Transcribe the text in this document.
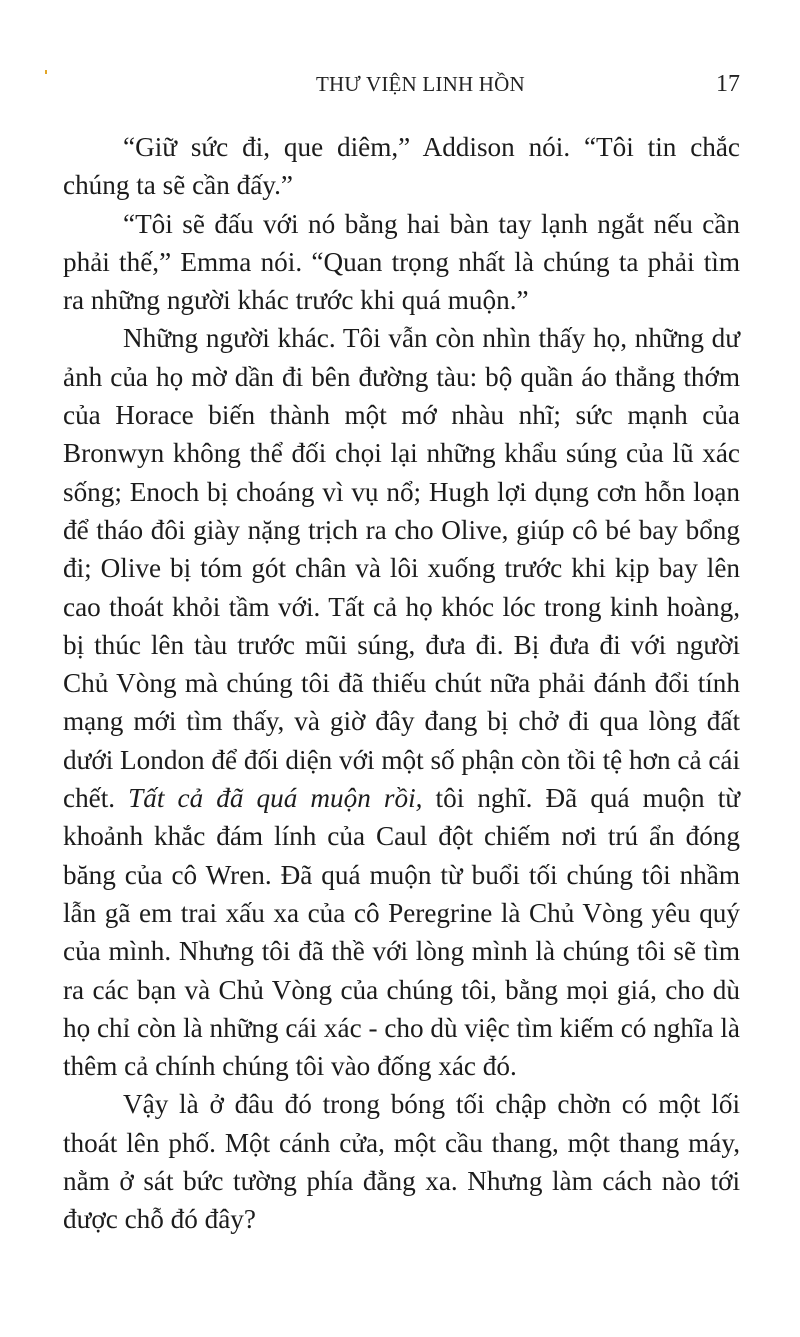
THƯ VIỆN LINH HỒN	17

“Giữ sức đi, que diêm,” Addison nói. “Tôi tin chắc chúng ta sẽ cần đấy.”

“Tôi sẽ đấu với nó bằng hai bàn tay lạnh ngắt nếu cần phải thế,” Emma nói. “Quan trọng nhất là chúng ta phải tìm ra những người khác trước khi quá muộn.”

Những người khác. Tôi vẫn còn nhìn thấy họ, những dư ảnh của họ mờ dần đi bên đường tàu: bộ quần áo thẳng thớm của Horace biến thành một mớ nhàu nhĩ; sức mạnh của Bronwyn không thể đối chọi lại những khẩu súng của lũ xác sống; Enoch bị choáng vì vụ nổ; Hugh lợi dụng cơn hỗn loạn để tháo đôi giày nặng trịch ra cho Olive, giúp cô bé bay bổng đi; Olive bị tóm gót chân và lôi xuống trước khi kịp bay lên cao thoát khỏi tầm với. Tất cả họ khóc lóc trong kinh hoàng, bị thúc lên tàu trước mũi súng, đưa đi. Bị đưa đi với người Chủ Vòng mà chúng tôi đã thiếu chút nữa phải đánh đổi tính mạng mới tìm thấy, và giờ đây đang bị chở đi qua lòng đất dưới London để đối diện với một số phận còn tồi tệ hơn cả cái chết. Tất cả đã quá muộn rồi, tôi nghĩ. Đã quá muộn từ khoảnh khắc đám lính của Caul đột chiếm nơi trú ẩn đóng băng của cô Wren. Đã quá muộn từ buổi tối chúng tôi nhầm lẫn gã em trai xấu xa của cô Peregrine là Chủ Vòng yêu quý của mình. Nhưng tôi đã thề với lòng mình là chúng tôi sẽ tìm ra các bạn và Chủ Vòng của chúng tôi, bằng mọi giá, cho dù họ chỉ còn là những cái xác - cho dù việc tìm kiếm có nghĩa là thêm cả chính chúng tôi vào đống xác đó.

Vậy là ở đâu đó trong bóng tối chập chờn có một lối thoát lên phố. Một cánh cửa, một cầu thang, một thang máy, nằm ở sát bức tường phía đằng xa. Nhưng làm cách nào tới được chỗ đó đây?
